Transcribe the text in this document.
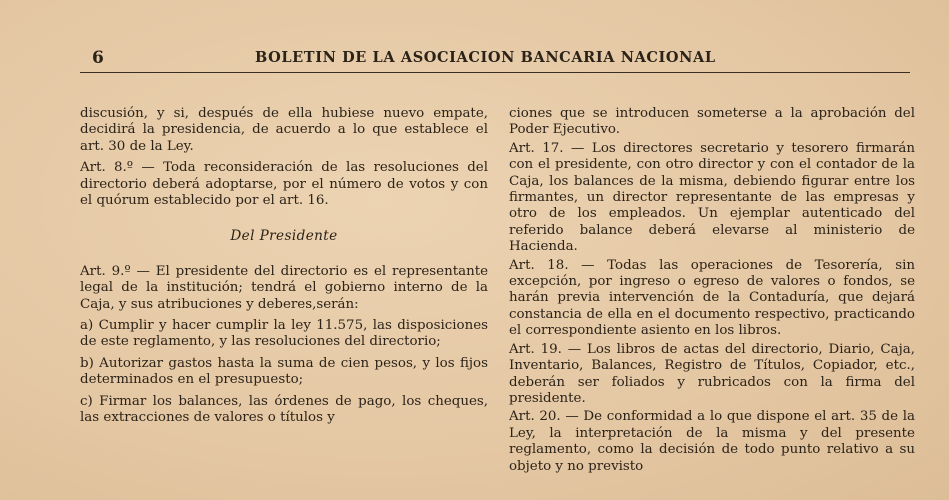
6	BOLETIN DE LA ASOCIACION BANCARIA NACIONAL

discusión, y si, después de ella hubiese nuevo empate, decidirá la presidencia, de acuerdo a lo que establece el art. 30 de la Ley.

Art. 8.º — Toda reconsideración de las resoluciones del directorio deberá adoptarse, por el número de votos y con el quórum establecido por el art. 16.

Del Presidente

Art. 9.º — El presidente del directorio es el representante legal de la institución; tendrá el gobierno interno de la Caja, y sus atribuciones y deberes,serán:

a) Cumplir y hacer cumplir la ley 11.575, las disposiciones de este reglamento, y las resoluciones del directorio;

b) Autorizar gastos hasta la suma de cien pesos, y los fijos determinados en el presupuesto;

c) Firmar los balances, las órdenes de pago, los cheques, las extracciones de valores o títulos y

ciones que se introducen someterse a la aprobación del Poder Ejecutivo.

Art. 17. — Los directores secretario y tesorero firmarán con el presidente, con otro director y con el contador de la Caja, los balances de la misma, debiendo figurar entre los firmantes, un director representante de las empresas y otro de los empleados. Un ejemplar autenticado del referido balance deberá elevarse al ministerio de Hacienda.

Art. 18. — Todas las operaciones de Tesorería, sin excepción, por ingreso o egreso de valores o fondos, se harán previa intervención de la Contaduría, que dejará constancia de ella en el documento respectivo, practicando el correspondiente asiento en los libros.

Art. 19. — Los libros de actas del directorio, Diario, Caja, Inventario, Balances, Registro de Títulos, Copiador, etc., deberán ser foliados y rubricados con la firma del presidente.

Art. 20. — De conformidad a lo que dispone el art. 35 de la Ley, la interpretación de la misma y del presente reglamento, como la decisión de todo punto relativo a su objeto y no previsto
